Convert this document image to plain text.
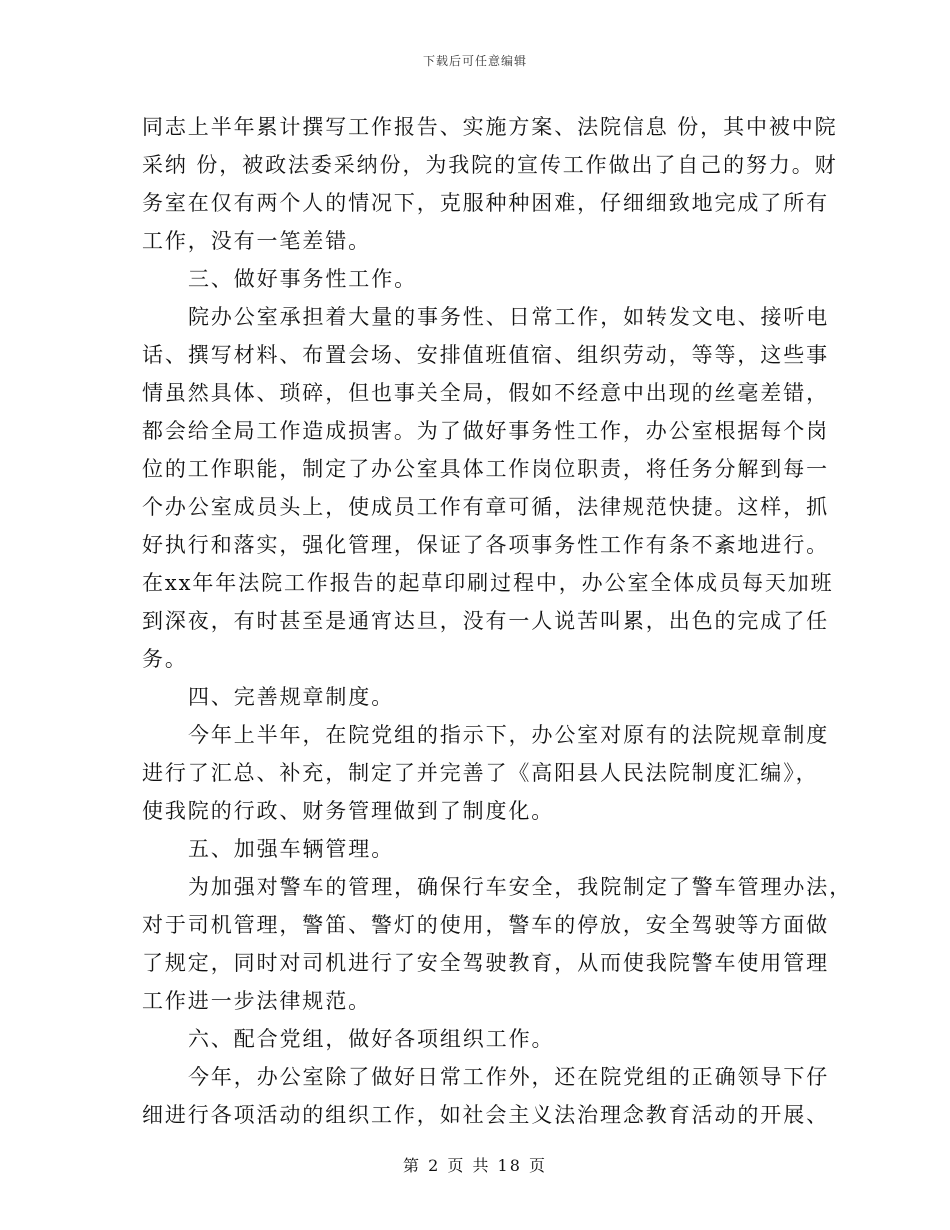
下载后可任意编辑
同志上半年累计撰写工作报告、实施方案、法院信息 份，其中被中院
采纳 份，被政法委采纳份，为我院的宣传工作做出了自己的努力。财
务室在仅有两个人的情况下，克服种种困难，仔细细致地完成了所有
工作，没有一笔差错。
三、做好事务性工作。
院办公室承担着大量的事务性、日常工作，如转发文电、接听电
话、撰写材料、布置会场、安排值班值宿、组织劳动，等等，这些事
情虽然具体、琐碎，但也事关全局，假如不经意中出现的丝毫差错，
都会给全局工作造成损害。为了做好事务性工作，办公室根据每个岗
位的工作职能，制定了办公室具体工作岗位职责，将任务分解到每一
个办公室成员头上，使成员工作有章可循，法律规范快捷。这样，抓
好执行和落实，强化管理，保证了各项事务性工作有条不紊地进行。
在xx年年法院工作报告的起草印刷过程中，办公室全体成员每天加班
到深夜，有时甚至是通宵达旦，没有一人说苦叫累，出色的完成了任
务。
四、完善规章制度。
今年上半年，在院党组的指示下，办公室对原有的法院规章制度
进行了汇总、补充，制定了并完善了《高阳县人民法院制度汇编》，
使我院的行政、财务管理做到了制度化。
五、加强车辆管理。
为加强对警车的管理，确保行车安全，我院制定了警车管理办法，
对于司机管理，警笛、警灯的使用，警车的停放，安全驾驶等方面做
了规定，同时对司机进行了安全驾驶教育，从而使我院警车使用管理
工作进一步法律规范。
六、配合党组，做好各项组织工作。
今年，办公室除了做好日常工作外，还在院党组的正确领导下仔
细进行各项活动的组织工作，如社会主义法治理念教育活动的开展、
第 2 页 共 18 页
